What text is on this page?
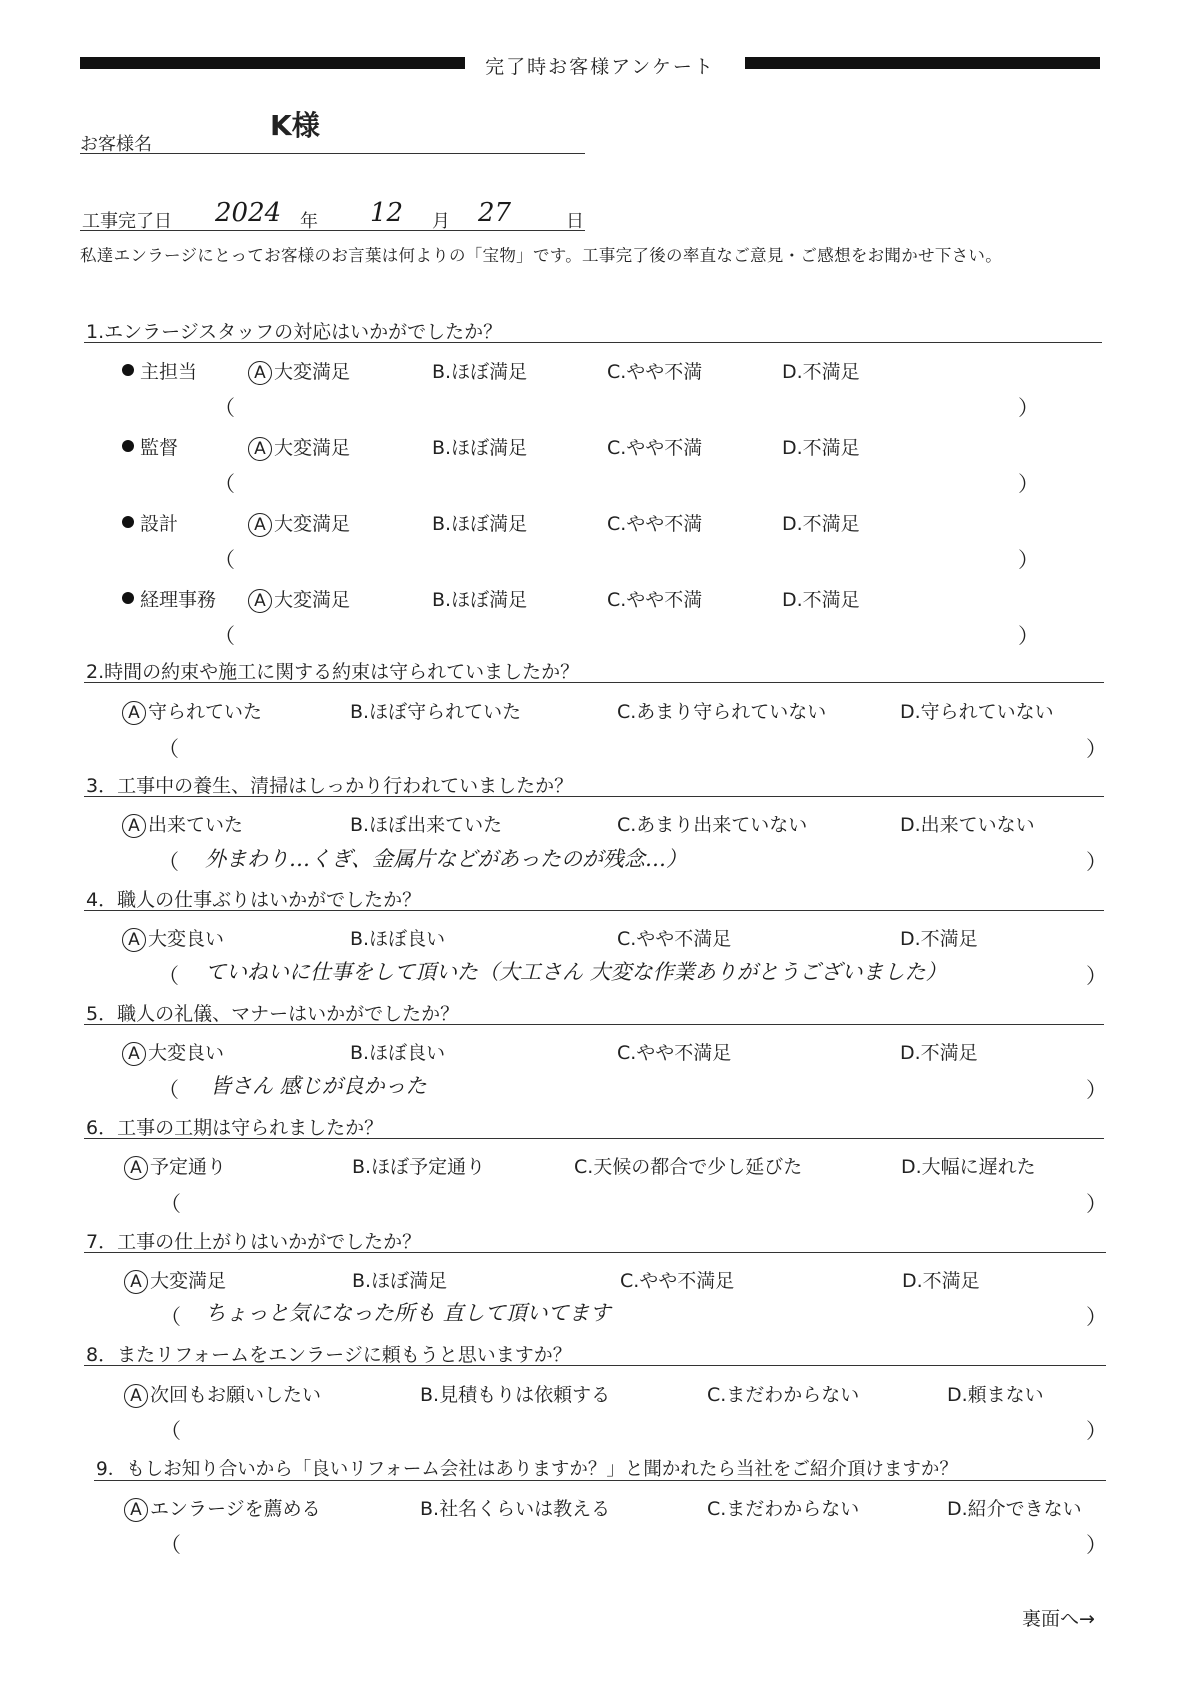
完了時お客様アンケート
お客様名
K様
工事完了日 2024 年 12 月 27	日
私達エンラージにとってお客様のお言葉は何よりの「宝物」です。工事完了後の率直なご意見・ご感想をお聞かせ下さい。
1.エンラージスタッフの対応はいかがでしたか？
主担当	A 大変満足	B.ほぼ満足	C.やや不満	D.不満足
（	）
監督	A 大変満足	B.ほぼ満足	C.やや不満	D.不満足
（	）
設計	A 大変満足	B.ほぼ満足	C.やや不満	D.不満足
（	）
経理事務	A 大変満足	B.ほぼ満足	C.やや不満	D.不満足
（	）
2.時間の約束や施工に関する約束は守られていましたか？
A 守られていた	B.ほぼ守られていた	C.あまり守られていない	D.守られていない
（	）
3．工事中の養生、清掃はしっかり行われていましたか？
A 出来ていた	B.ほぼ出来ていた	C.あまり出来ていない	D.出来ていない
（ 外まわり…くぎ、金属片などがあったのが残念…）	）
4．職人の仕事ぶりはいかがでしたか？
A 大変良い	B.ほぼ良い	C.やや不満足	D.不満足
（ ていねいに仕事をして頂いた（大工さん 大変な作業ありがとうございました）	）
5．職人の礼儀、マナーはいかがでしたか？
A 大変良い	B.ほぼ良い	C.やや不満足	D.不満足
（ 皆さん 感じが良かった	）
6．工事の工期は守られましたか？
A 予定通り	B.ほぼ予定通り	C.天候の都合で少し延びた	D.大幅に遅れた
（	）
7．工事の仕上がりはいかがでしたか？
A 大変満足	B.ほぼ満足	C.やや不満足	D.不満足
（ ちょっと気になった所も 直して頂いてます	）
8．またリフォームをエンラージに頼もうと思いますか？
A 次回もお願いしたい	B.見積もりは依頼する	C.まだわからない	D.頼まない
（	）
9．もしお知り合いから「良いリフォーム会社はありますか？」と聞かれたら当社をご紹介頂けますか？
A エンラージを薦める	B.社名くらいは教える	C.まだわからない	D.紹介できない
（	）
裏面へ→
